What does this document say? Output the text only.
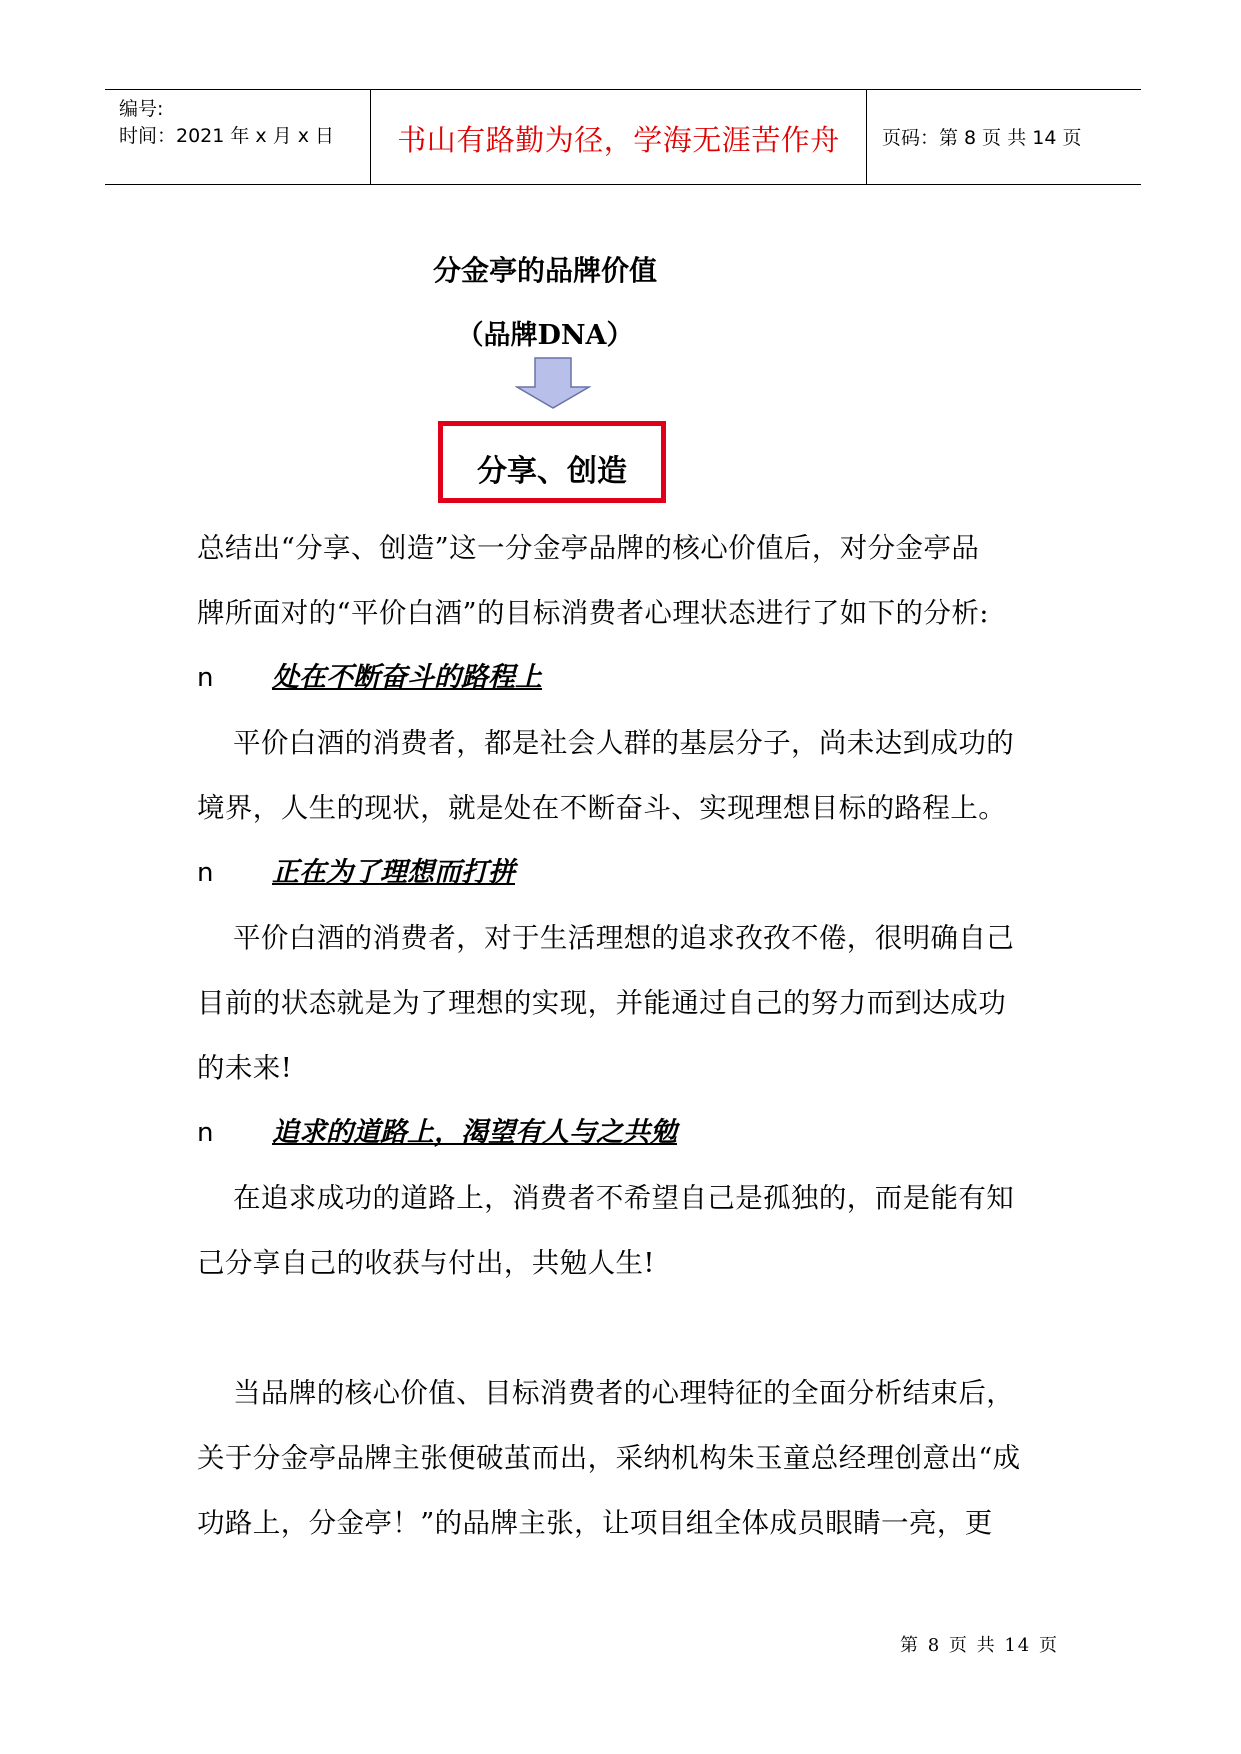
编号:
时间：2021 年 x 月 x 日	书山有路勤为径，学海无涯苦作舟	页码：第 8 页 共 14 页
分金亭的品牌价值
（品牌DNA）
分享、创造
总结出“分享、创造”这一分金亭品牌的核心价值后，对分金亭品
牌所面对的“平价白酒”的目标消费者心理状态进行了如下的分析:
n 处在不断奋斗的路程上
平价白酒的消费者，都是社会人群的基层分子，尚未达到成功的
境界，人生的现状，就是处在不断奋斗、实现理想目标的路程上。
n 正在为了理想而打拼
平价白酒的消费者，对于生活理想的追求孜孜不倦，很明确自己
目前的状态就是为了理想的实现，并能通过自己的努力而到达成功
的未来!
n 追求的道路上，渴望有人与之共勉
在追求成功的道路上，消费者不希望自己是孤独的，而是能有知
己分享自己的收获与付出，共勉人生!
当品牌的核心价值、目标消费者的心理特征的全面分析结束后，
关于分金亭品牌主张便破茧而出，采纳机构朱玉童总经理创意出“成
功路上，分金亭！”的品牌主张，让项目组全体成员眼睛一亮，更
第 8 页 共 14 页
